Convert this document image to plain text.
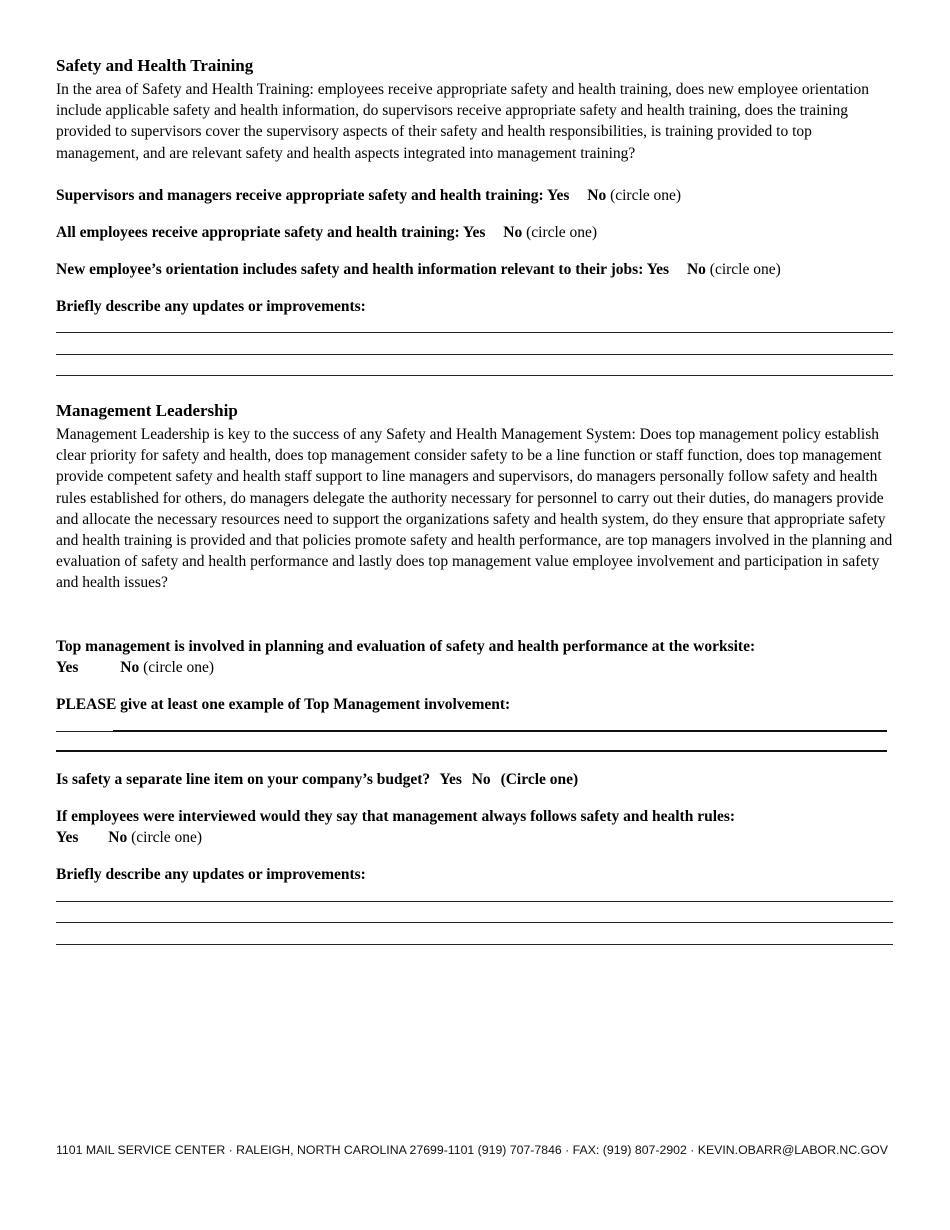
Safety and Health Training
In the area of Safety and Health Training: employees receive appropriate safety and health training, does new employee orientation include applicable safety and health information, do supervisors receive appropriate safety and health training, does the training provided to supervisors cover the supervisory aspects of their safety and health responsibilities, is training provided to top management, and are relevant safety and health aspects integrated into management training?
Supervisors and managers receive appropriate safety and health training: Yes No (circle one)
All employees receive appropriate safety and health training: Yes No (circle one)
New employee’s orientation includes safety and health information relevant to their jobs: Yes No (circle one)
Briefly describe any updates or improvements:
Management Leadership
Management Leadership is key to the success of any Safety and Health Management System: Does top management policy establish clear priority for safety and health, does top management consider safety to be a line function or staff function, does top management provide competent safety and health staff support to line managers and supervisors, do managers personally follow safety and health rules established for others, do managers delegate the authority necessary for personnel to carry out their duties, do managers provide and allocate the necessary resources need to support the organizations safety and health system, do they ensure that appropriate safety and health training is provided and that policies promote safety and health performance, are top managers involved in the planning and evaluation of safety and health performance and lastly does top management value employee involvement and participation in safety and health issues?
Top management is involved in planning and evaluation of safety and health performance at the worksite:
Yes	No (circle one)
PLEASE give at least one example of Top Management involvement:
Is safety a separate line item on your company’s budget? Yes No (Circle one)
If employees were interviewed would they say that management always follows safety and health rules:
Yes No (circle one)
Briefly describe any updates or improvements:
1101 MAIL SERVICE CENTER · RALEIGH, NORTH CAROLINA 27699-1101 (919) 707-7846 · FAX: (919) 807-2902 · KEVIN.OBARR@LABOR.NC.GOV
